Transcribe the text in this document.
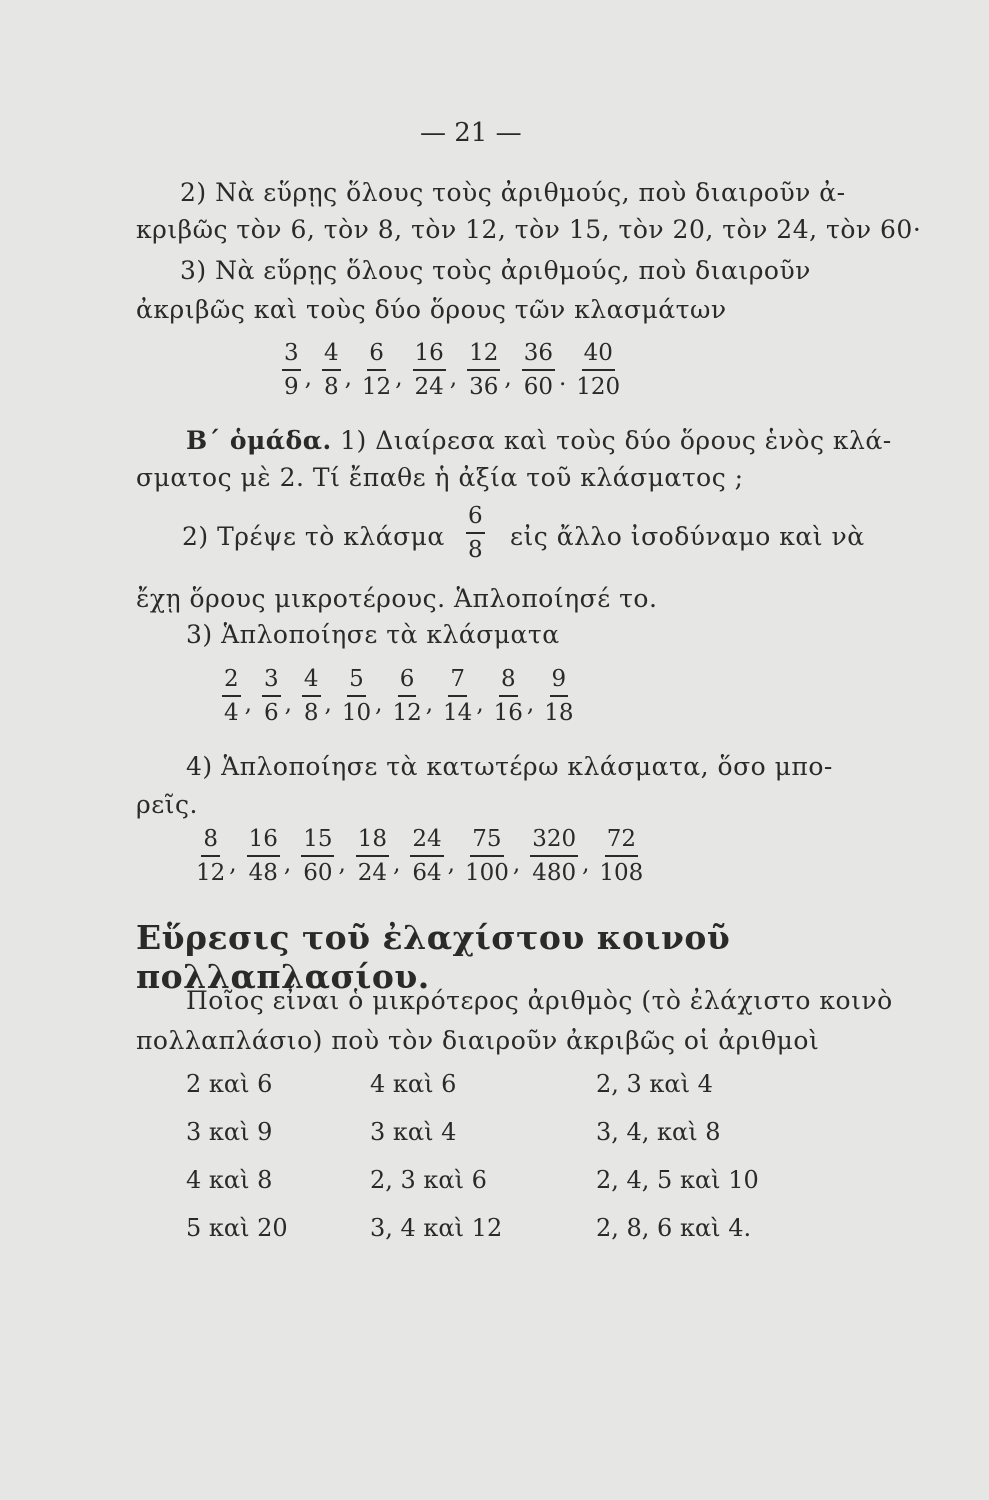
— 21 —
2) Νὰ εὕρῃς ὅλους τοὺς ἀριθμούς, ποὺ διαιροῦν ἀ-
κριβῶς τὸν 6, τὸν 8, τὸν 12, τὸν 15, τὸν 20, τὸν 24, τὸν 60·
3) Νὰ εὕρῃς ὅλους τοὺς ἀριθμούς, ποὺ διαιροῦν
ἀκριβῶς καὶ τοὺς δύο ὅρους τῶν κλασμάτων
$\frac{3}{9}$ , $\frac{4}{8}$ , $\frac{6}{12}$ , $\frac{16}{24}$ , $\frac{12}{36}$ , $\frac{36}{60}$ . $\frac{40}{120}$
Β΄ ὁμάδα. 1) Διαίρεσα καὶ τοὺς δύο ὅρους ἑνὸς κλά-
σματος μὲ 2. Τί ἔπαθε ἡ ἀξία τοῦ κλάσματος ;
2) Τρέψε τὸ κλάσμα $\frac{6}{8}$ εἰς ἄλλο ἰσοδύναμο καὶ νὰ
ἔχῃ ὅρους μικροτέρους. Ἁπλοποίησέ το.
3) Ἁπλοποίησε τὰ κλάσματα
$\frac{2}{4}$ , $\frac{3}{6}$ , $\frac{4}{8}$ , $\frac{5}{10}$ , $\frac{6}{12}$ , $\frac{7}{14}$ , $\frac{8}{16}$ , $\frac{9}{18}$
4) Ἁπλοποίησε τὰ κατωτέρω κλάσματα, ὅσο μπο-
ρεῖς.
$\frac{8}{12}$ , $\frac{16}{48}$ , $\frac{15}{60}$ , $\frac{18}{24}$ , $\frac{24}{64}$ , $\frac{75}{100}$ , $\frac{320}{480}$ , $\frac{72}{108}$
Εὕρεσις τοῦ ἐλαχίστου κοινοῦ πολλαπλασίου.
Ποῖος εἶναι ὁ μικρότερος ἀριθμὸς (τὸ ἐλάχιστο κοινὸ
πολλαπλάσιο) ποὺ τὸν διαιροῦν ἀκριβῶς οἱ ἀριθμοὶ
2 καὶ 6
3 καὶ 9
4 καὶ 8
5 καὶ 20
4 καὶ 6
3 καὶ 4
2, 3 καὶ 6
3, 4 καὶ 12
2, 3 καὶ 4
3, 4, καὶ 8
2, 4, 5 καὶ 10
2, 8, 6 καὶ 4.
